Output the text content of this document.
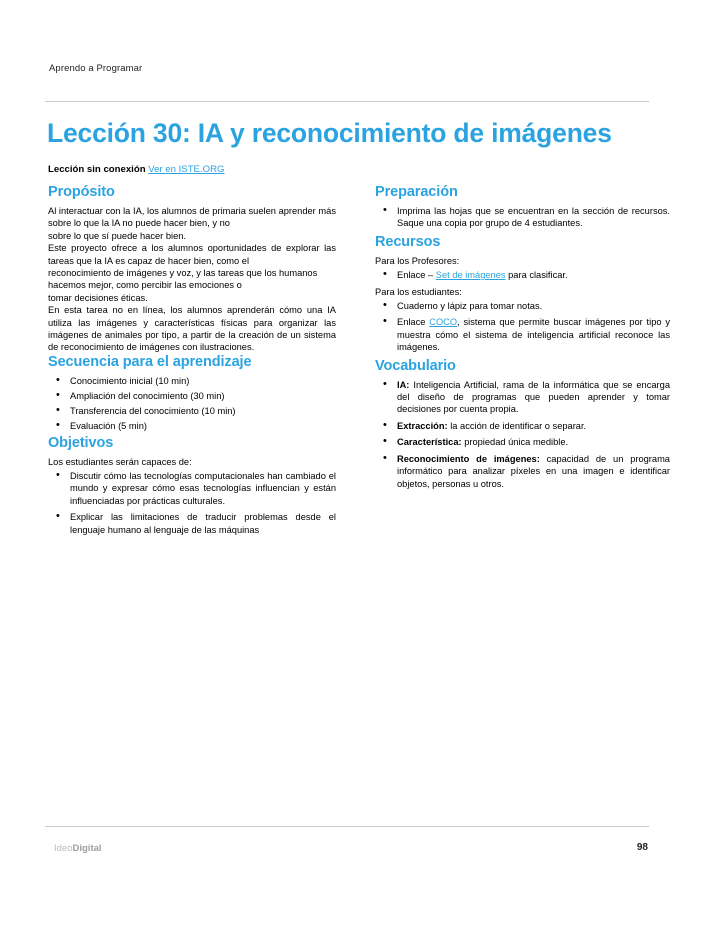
Aprendo a Programar
Lección 30: IA y reconocimiento de imágenes
Lección sin conexión Ver en ISTE.ORG
Propósito

Al interactuar con la IA, los alumnos de primaria suelen aprender más sobre lo que la IA no puede hacer bien, y no

sobre lo que sí puede hacer bien.

Este proyecto ofrece a los alumnos oportunidades de explorar las tareas que la IA es capaz de hacer bien, como el

reconocimiento de imágenes y voz, y las tareas que los humanos hacemos mejor, como percibir las emociones o

tomar decisiones éticas.

En esta tarea no en línea, los alumnos aprenderán cómo una IA utiliza las imágenes y características físicas para organizar las imágenes de animales por tipo, a partir de la creación de un sistema de reconocimiento de imágenes con ilustraciones.

Secuencia para el aprendizaje
• Conocimiento inicial (10 min)
• Ampliación del conocimiento (30 min)
• Transferencia del conocimiento (10 min)
• Evaluación (5 min)
Objetivos

Los estudiantes serán capaces de:

• Discutir cómo las tecnologías computacionales han cambiado el mundo y expresar cómo esas tecnologías influencian y están influenciadas por prácticas culturales.
• Explicar las limitaciones de traducir problemas desde el lenguaje humano al lenguaje de las máquinas
Preparación
• Imprima las hojas que se encuentran en la sección de recursos. Saque una copia por grupo de 4 estudiantes.
Recursos

Para los Profesores:

• Enlace – Set de imágenes para clasificar.

Para los estudiantes:

• Cuaderno y lápiz para tomar notas.
• Enlace COCO, sistema que permite buscar imágenes por tipo y muestra cómo el sistema de inteligencia artificial reconoce las imágenes.
Vocabulario
• IA: Inteligencia Artificial, rama de la informática que se encarga del diseño de programas que pueden aprender y tomar decisiones por cuenta propia.
• Extracción: la acción de identificar o separar.
• Característica: propiedad única medible.
• Reconocimiento de imágenes: capacidad de un programa informático para analizar píxeles en una imagen e identificar objetos, personas u otros.
IdeoDigital	98
